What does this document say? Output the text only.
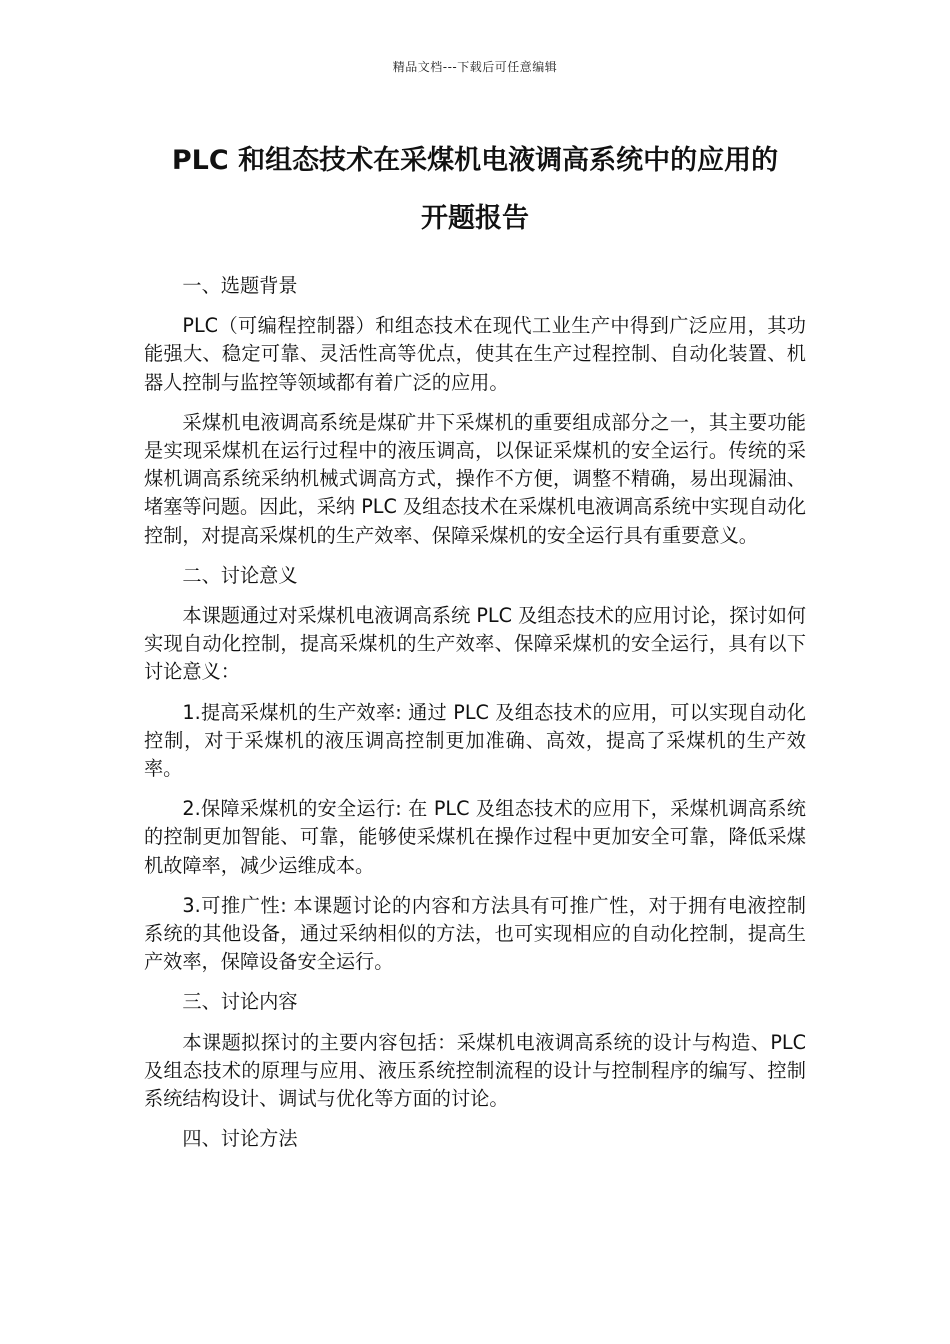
精品文档---下载后可任意编辑
PLC 和组态技术在采煤机电液调高系统中的应用的
开题报告

一、选题背景

PLC（可编程控制器）和组态技术在现代工业生产中得到广泛应用，其功能强大、稳定可靠、灵活性高等优点，使其在生产过程控制、自动化装置、机器人控制与监控等领域都有着广泛的应用。

采煤机电液调高系统是煤矿井下采煤机的重要组成部分之一，其主要功能是实现采煤机在运行过程中的液压调高，以保证采煤机的安全运行。传统的采煤机调高系统采纳机械式调高方式，操作不方便，调整不精确，易出现漏油、堵塞等问题。因此，采纳 PLC 及组态技术在采煤机电液调高系统中实现自动化控制，对提高采煤机的生产效率、保障采煤机的安全运行具有重要意义。

二、讨论意义

本课题通过对采煤机电液调高系统 PLC 及组态技术的应用讨论，探讨如何实现自动化控制，提高采煤机的生产效率、保障采煤机的安全运行，具有以下讨论意义：

1.提高采煤机的生产效率: 通过 PLC 及组态技术的应用，可以实现自动化控制，对于采煤机的液压调高控制更加准确、高效，提高了采煤机的生产效率。

2.保障采煤机的安全运行: 在 PLC 及组态技术的应用下，采煤机调高系统的控制更加智能、可靠，能够使采煤机在操作过程中更加安全可靠，降低采煤机故障率，减少运维成本。

3.可推广性: 本课题讨论的内容和方法具有可推广性，对于拥有电液控制系统的其他设备，通过采纳相似的方法，也可实现相应的自动化控制，提高生产效率，保障设备安全运行。

三、讨论内容

本课题拟探讨的主要内容包括：采煤机电液调高系统的设计与构造、PLC 及组态技术的原理与应用、液压系统控制流程的设计与控制程序的编写、控制系统结构设计、调试与优化等方面的讨论。

四、讨论方法
